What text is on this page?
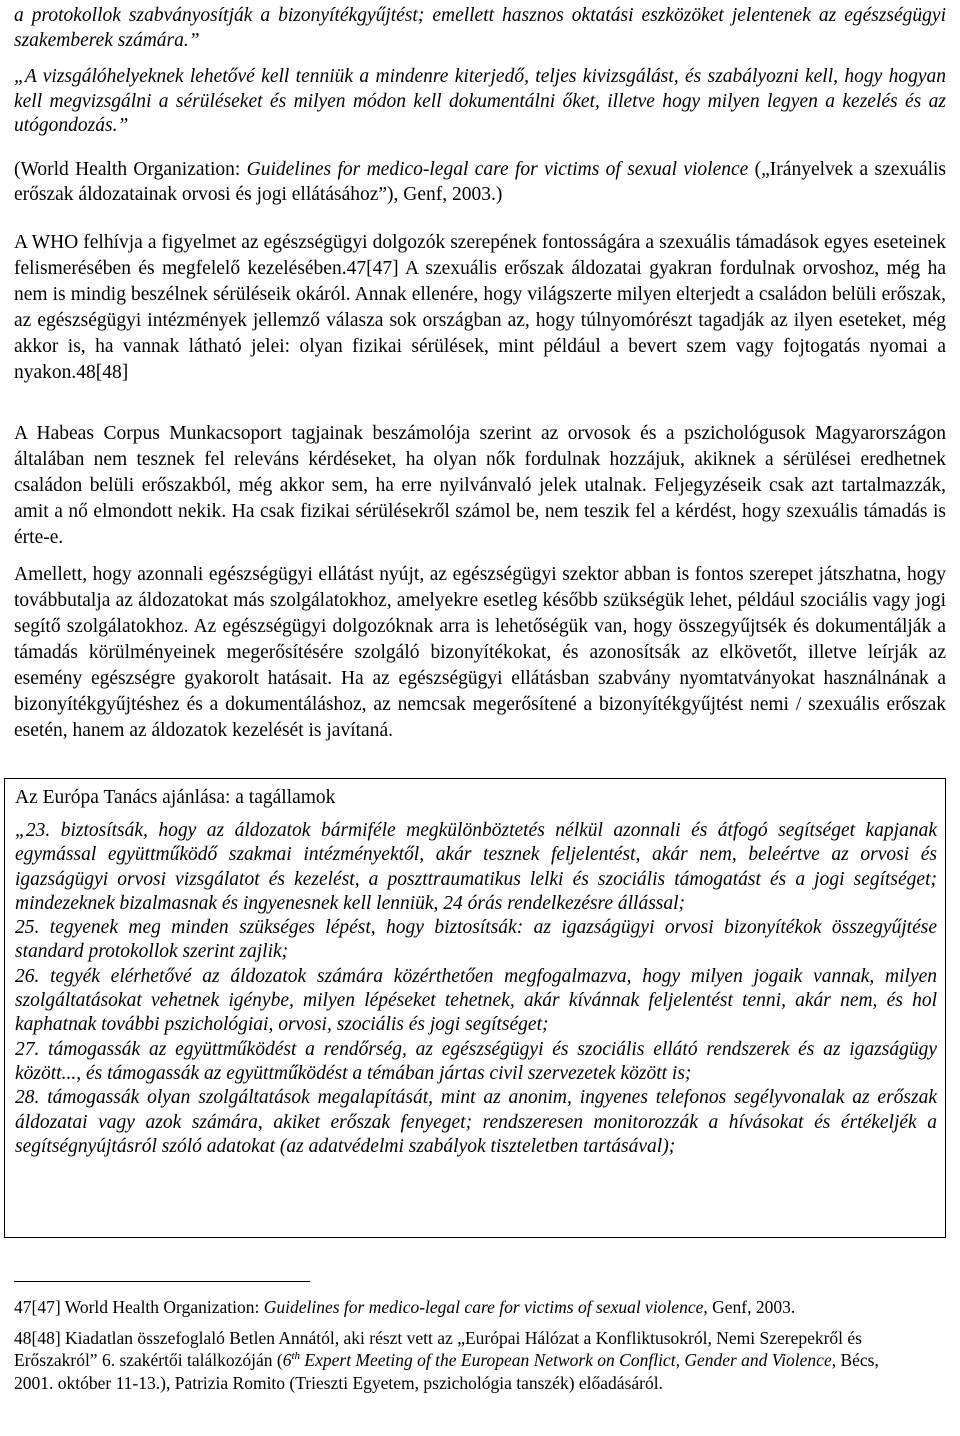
a protokollok szabványosítják a bizonyítékgyűjtést; emellett hasznos oktatási eszközöket jelentenek az egészségügyi szakemberek számára.”

„A vizsgálóhelyeknek lehetővé kell tenniük a mindenre kiterjedő, teljes kivizsgálást, és szabályozni kell, hogy hogyan kell megvizsgálni a sérüléseket és milyen módon kell dokumentálni őket, illetve hogy milyen legyen a kezelés és az utógondozás.”

(World Health Organization: Guidelines for medico-legal care for victims of sexual violence („Irányelvek a szexuális erőszak áldozatainak orvosi és jogi ellátásához”), Genf, 2003.)

A WHO felhívja a figyelmet az egészségügyi dolgozók szerepének fontosságára a szexuális támadások egyes eseteinek felismerésében és megfelelő kezelésében.47[47] A szexuális erőszak áldozatai gyakran fordulnak orvoshoz, még ha nem is mindig beszélnek sérüléseik okáról. Annak ellenére, hogy világszerte milyen elterjedt a családon belüli erőszak, az egészségügyi intézmények jellemző válasza sok országban az, hogy túlnyomórészt tagadják az ilyen eseteket, még akkor is, ha vannak látható jelei: olyan fizikai sérülések, mint például a bevert szem vagy fojtogatás nyomai a nyakon.48[48]

A Habeas Corpus Munkacsoport tagjainak beszámolója szerint az orvosok és a pszichológusok Magyarországon általában nem tesznek fel releváns kérdéseket, ha olyan nők fordulnak hozzájuk, akiknek a sérülései eredhetnek családon belüli erőszakból, még akkor sem, ha erre nyilvánvaló jelek utalnak. Feljegyzéseik csak azt tartalmazzák, amit a nő elmondott nekik. Ha csak fizikai sérülésekről számol be, nem teszik fel a kérdést, hogy szexuális támadás is érte-e.

Amellett, hogy azonnali egészségügyi ellátást nyújt, az egészségügyi szektor abban is fontos szerepet játszhatna, hogy továbbutalja az áldozatokat más szolgálatokhoz, amelyekre esetleg később szükségük lehet, például szociális vagy jogi segítő szolgálatokhoz. Az egészségügyi dolgozóknak arra is lehetőségük van, hogy összegyűjtsék és dokumentálják a támadás körülményeinek megerősítésére szolgáló bizonyítékokat, és azonosítsák az elkövetőt, illetve leírják az esemény egészségre gyakorolt hatásait. Ha az egészségügyi ellátásban szabvány nyomtatványokat használnának a bizonyítékgyűjtéshez és a dokumentáláshoz, az nemcsak megerősítené a bizonyítékgyűjtést nemi / szexuális erőszak esetén, hanem az áldozatok kezelését is javítaná.

Az Európa Tanács ajánlása: a tagállamok

„23. biztosítsák, hogy az áldozatok bármiféle megkülönböztetés nélkül azonnali és átfogó segítséget kapjanak egymással együttműködő szakmai intézményektől, akár tesznek feljelentést, akár nem, beleértve az orvosi és igazságügyi orvosi vizsgálatot és kezelést, a poszttraumatikus lelki és szociális támogatást és a jogi segítséget; mindezeknek bizalmasnak és ingyenesnek kell lenniük, 24 órás rendelkezésre állással;

25. tegyenek meg minden szükséges lépést, hogy biztosítsák: az igazságügyi orvosi bizonyítékok összegyűjtése standard protokollok szerint zajlik;

26. tegyék elérhetővé az áldozatok számára közérthetően megfogalmazva, hogy milyen jogaik vannak, milyen szolgáltatásokat vehetnek igénybe, milyen lépéseket tehetnek, akár kívánnak feljelentést tenni, akár nem, és hol kaphatnak további pszichológiai, orvosi, szociális és jogi segítséget;

27. támogassák az együttműködést a rendőrség, az egészségügyi és szociális ellátó rendszerek és az igazságügy között..., és támogassák az együttműködést a témában jártas civil szervezetek között is;

28. támogassák olyan szolgáltatások megalapítását, mint az anonim, ingyenes telefonos segélyvonalak az erőszak áldozatai vagy azok számára, akiket erőszak fenyeget; rendszeresen monitorozzák a hívásokat és értékeljék a segítségnyújtásról szóló adatokat (az adatvédelmi szabályok tiszteletben tartásával);

47[47] World Health Organization: Guidelines for medico-legal care for victims of sexual violence, Genf, 2003.

48[48] Kiadatlan összefoglaló Betlen Annától, aki részt vett az „Európai Hálózat a Konfliktusokról, Nemi Szerepekről és Erőszakról” 6. szakértői találkozóján (6th Expert Meeting of the European Network on Conflict, Gender and Violence, Bécs, 2001. október 11-13.), Patrizia Romito (Trieszti Egyetem, pszichológia tanszék) előadásáról.
